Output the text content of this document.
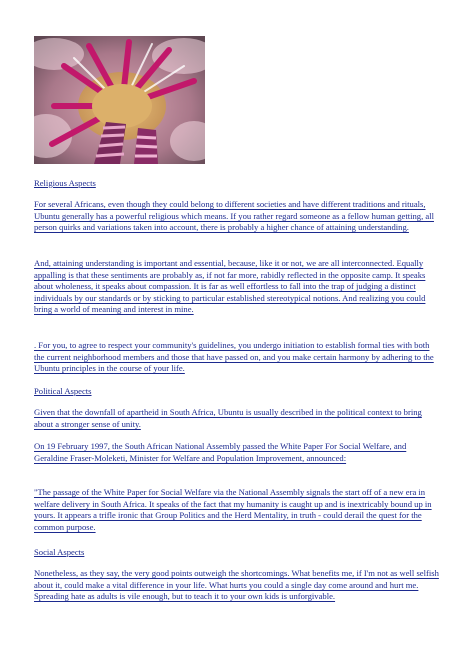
Religious Aspects
For several Africans, even though they could belong to different societies and have different traditions and rituals, Ubuntu generally has a powerful religious which means. If you rather regard someone as a fellow human getting, all person quirks and variations taken into account, there is probably a higher chance of attaining understanding.
And, attaining understanding is important and essential, because, like it or not, we are all interconnected. Equally appalling is that these sentiments are probably as, if not far more, rabidly reflected in the opposite camp. It speaks about wholeness, it speaks about compassion. It is far as well effortless to fall into the trap of judging a distinct individuals by our standards or by sticking to particular established stereotypical notions. And realizing you could bring a world of meaning and interest in mine.
. For you, to agree to respect your community's guidelines, you undergo initiation to establish formal ties with both the current neighborhood members and those that have passed on, and you make certain harmony by adhering to the Ubuntu principles in the course of your life.
Political Aspects
Given that the downfall of apartheid in South Africa, Ubuntu is usually described in the political context to bring about a stronger sense of unity.
On 19 February 1997, the South African National Assembly passed the White Paper For Social Welfare, and Geraldine Fraser-Moleketi, Minister for Welfare and Population Improvement, announced:
"The passage of the White Paper for Social Welfare via the National Assembly signals the start off of a new era in welfare delivery in South Africa. It speaks of the fact that my humanity is caught up and is inextricably bound up in yours. It appears a trifle ironic that Group Politics and the Herd Mentality, in truth - could derail the quest for the common purpose.
Social Aspects
Nonetheless, as they say, the very good points outweigh the shortcomings. What benefits me, if I'm not as well selfish about it, could make a vital difference in your life. What hurts you could a single day come around and hurt me. Spreading hate as adults is vile enough, but to teach it to your own kids is unforgivable.
